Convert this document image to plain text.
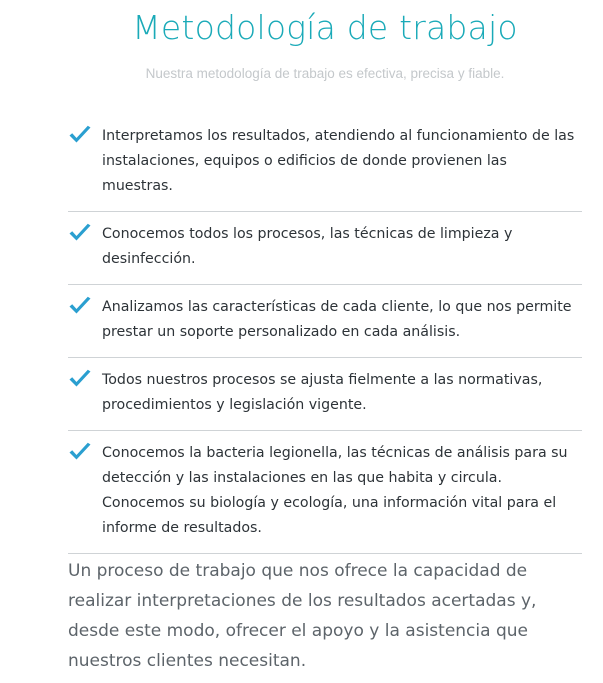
Metodología de trabajo

Nuestra metodología de trabajo es efectiva, precisa y fiable.

Interpretamos los resultados, atendiendo al funcionamiento de las instalaciones, equipos o edificios de donde provienen las muestras.

Conocemos todos los procesos, las técnicas de limpieza y desinfección.

Analizamos las características de cada cliente, lo que nos permite prestar un soporte personalizado en cada análisis.

Todos nuestros procesos se ajusta fielmente a las normativas, procedimientos y legislación vigente.

Conocemos la bacteria legionella, las técnicas de análisis para su detección y las instalaciones en las que habita y circula. Conocemos su biología y ecología, una información vital para el informe de resultados.

Un proceso de trabajo que nos ofrece la capacidad de realizar interpretaciones de los resultados acertadas y, desde este modo, ofrecer el apoyo y la asistencia que nuestros clientes necesitan.
